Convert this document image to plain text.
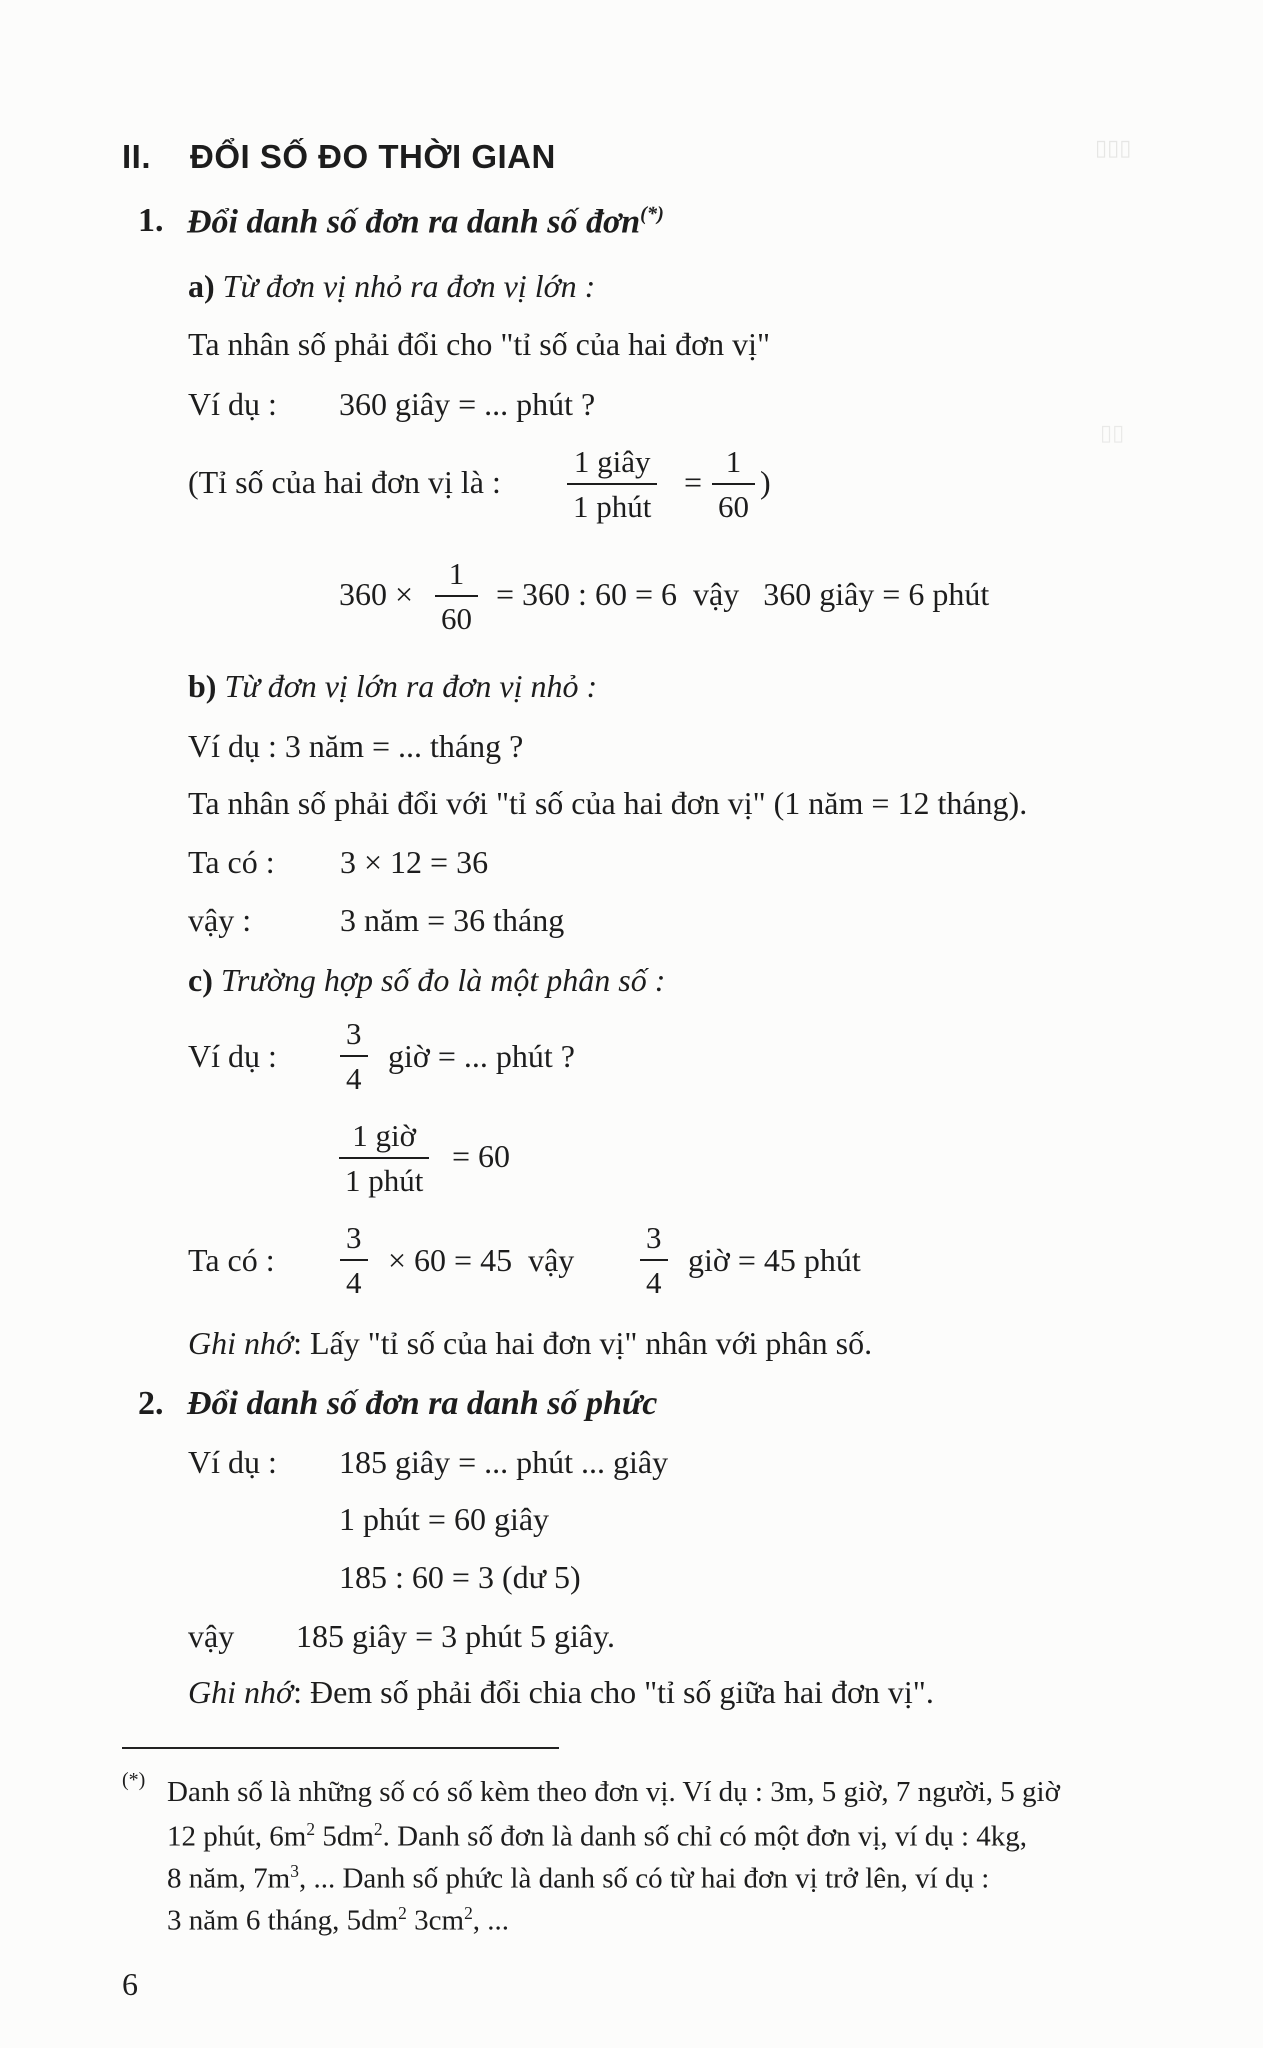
▯▯▯
▯▯
II. ĐỔI SỐ ĐO THỜI GIAN
1. Đổi danh số đơn ra danh số đơn(*)
a) Từ đơn vị nhỏ ra đơn vị lớn :
Ta nhân số phải đổi cho "tỉ số của hai đơn vị"
Ví dụ : 360 giây = ... phút ?
(Tỉ số của hai đơn vị là :
1 giây
1 phút
= $\frac{1}{60}$ )
$360 \times \frac{1}{60} = 360$ : 60 = 6  vậy   360 giây = 6 phút
b) Từ đơn vị lớn ra đơn vị nhỏ :
Ví dụ : 3 năm = ... tháng ?
Ta nhân số phải đổi với "tỉ số của hai đơn vị" (1 năm = 12 tháng).
Ta có : 3 × 12 = 36
vậy :	3 năm = 36 tháng
c) Trường hợp số đo là một phân số :
Ví dụ : $\frac{3}{4}$ giờ = ... phút ?
1 giờ
1 phút
= 60
Ta có : $\frac{3}{4} \times 60 = 45$  vậy $\frac{3}{4}$ giờ = 45 phút
Ghi nhớ: Lấy "tỉ số của hai đơn vị" nhân với phân số.
2. Đổi danh số đơn ra danh số phức
Ví dụ : 185 giây = ... phút ... giây
1 phút = 60 giây
185 : 60 = 3 (dư 5)
vậy 185 giây = 3 phút 5 giây.
Ghi nhớ: Đem số phải đổi chia cho "tỉ số giữa hai đơn vị".
(*) Danh số là những số có số kèm theo đơn vị. Ví dụ : 3m, 5 giờ, 7 người, 5 giờ
12 phút, $6m^2$ $5dm^2$. Danh số đơn là danh số chỉ có một đơn vị, ví dụ : 4kg,
8 năm, $7m^3$, ... Danh số phức là danh số có từ hai đơn vị trở lên, ví dụ :
3 năm 6 tháng, $5dm^2$ $3cm^2$, ...
6
